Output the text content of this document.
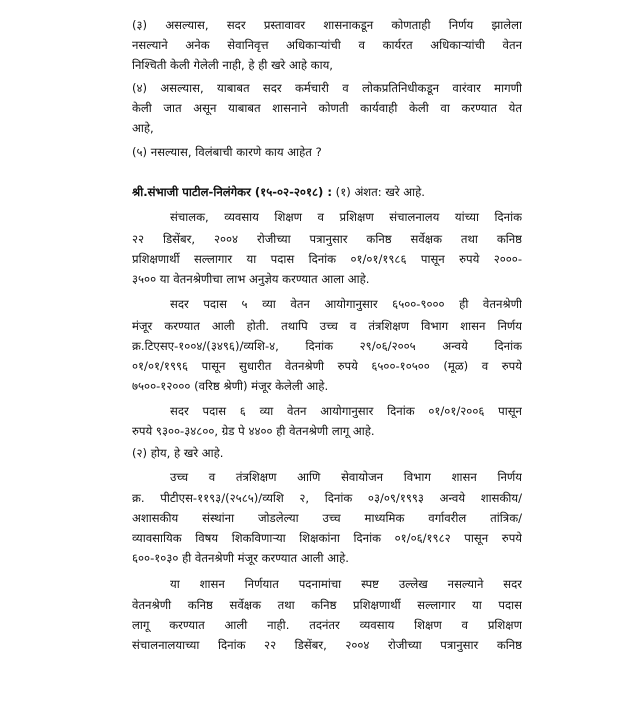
(३) असल्यास, सदर प्रस्तावावर शासनाकडून कोणताही निर्णय झालेला
नसल्याने अनेक सेवानिवृत्त अधिकाऱ्यांची व कार्यरत अधिकाऱ्यांची वेतन
निश्चिती केली गेलेली नाही, हे ही खरे आहे काय,
(४) असल्यास, याबाबत सदर कर्मचारी व लोकप्रतिनिधीकडून वारंवार मागणी
केली जात असून याबाबत शासनाने कोणती कार्यवाही केली वा करण्यात येत
आहे,
(५) नसल्यास, विलंबाची कारणे काय आहेत ?
श्री.संभाजी पाटील-निलंगेकर (१५-०२-२०१८) : (१) अंशत: खरे आहे.
संचालक, व्यवसाय शिक्षण व प्रशिक्षण संचालनालय यांच्या दिनांक
२२ डिसेंबर, २००४ रोजीच्या पत्रानुसार कनिष्ठ सर्वेक्षक तथा कनिष्ठ
प्रशिक्षणार्थी सल्लागार या पदास दिनांक ०१/०१/१९८६ पासून रुपये २०००-
३५०० या वेतनश्रेणीचा लाभ अनुज्ञेय करण्यात आला आहे.
सदर पदास ५ व्या वेतन आयोगानुसार ६५००-९००० ही वेतनश्रेणी
मंजूर करण्यात आली होती. तथापि उच्च व तंत्रशिक्षण विभाग शासन निर्णय
क्र.टिएसए-१००४/(३४९६)/व्यशि-४, दिनांक २९/०६/२००५ अन्वये दिनांक
०१/०१/१९९६ पासून सुधारीत वेतनश्रेणी रुपये ६५००-१०५०० (मूळ) व रुपये
७५००-१२००० (वरिष्ठ श्रेणी) मंजूर केलेली आहे.
सदर पदास ६ व्या वेतन आयोगानुसार दिनांक ०१/०१/२००६ पासून
रुपये ९३००-३४८००, ग्रेड पे ४४०० ही वेतनश्रेणी लागू आहे.
(२) होय, हे खरे आहे.
उच्च व तंत्रशिक्षण आणि सेवायोजन विभाग शासन निर्णय
क्र. पीटीएस-११९३/(२५८५)/व्यशि २, दिनांक ०३/०९/१९९३ अन्वये शासकीय/
अशासकीय संस्थांना जोडलेल्या उच्च माध्यमिक वर्गावरील तांत्रिक/
व्यावसायिक विषय शिकविणाऱ्या शिक्षकांना दिनांक ०१/०६/१९८२ पासून रुपये
६००-१०३० ही वेतनश्रेणी मंजूर करण्यात आली आहे.
या शासन निर्णयात पदनामांचा स्पष्ट उल्लेख नसल्याने सदर
वेतनश्रेणी कनिष्ठ सर्वेक्षक तथा कनिष्ठ प्रशिक्षणार्थी सल्लागार या पदास
लागू करण्यात आली नाही. तदनंतर व्यवसाय शिक्षण व प्रशिक्षण
संचालनालयाच्या दिनांक २२ डिसेंबर, २००४ रोजीच्या पत्रानुसार कनिष्ठ
